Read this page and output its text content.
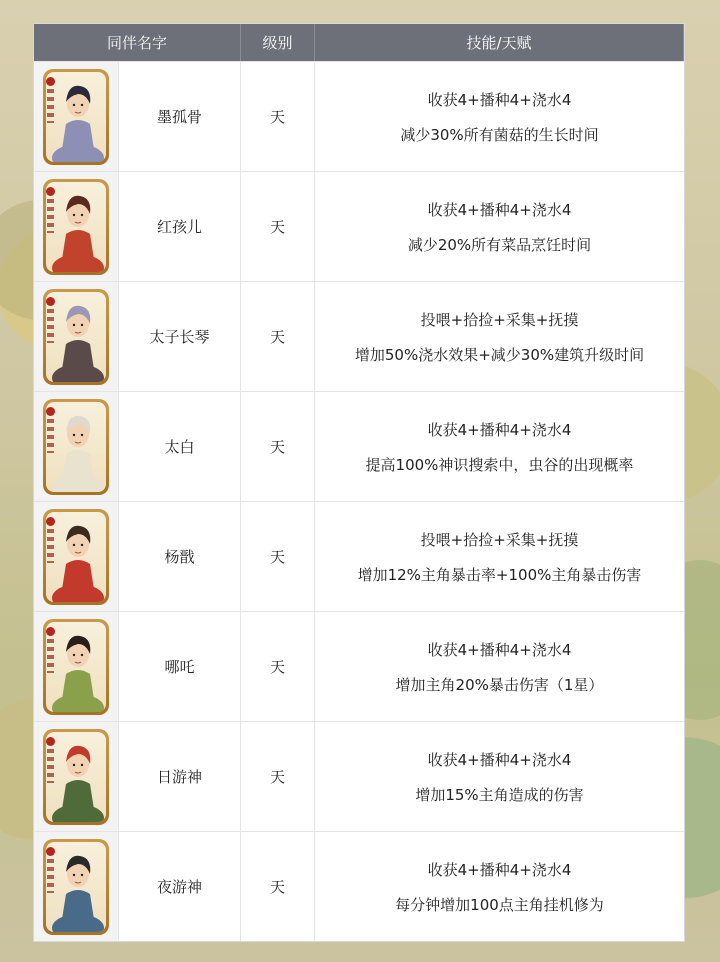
同伴名字	级别	技能/天赋
墨孤骨	天
收获4+播种4+浇水4
减少30%所有菌菇的生长时间
红孩儿	天
收获4+播种4+浇水4
减少20%所有菜品烹饪时间
太子长琴	天
投喂+拾捡+采集+抚摸
增加50%浇水效果+减少30%建筑升级时间
太白	天
收获4+播种4+浇水4
提高100%神识搜索中，虫谷的出现概率
杨戬	天
投喂+拾捡+采集+抚摸
增加12%主角暴击率+100%主角暴击伤害
哪吒	天
收获4+播种4+浇水4
增加主角20%暴击伤害（1星）
日游神	天
收获4+播种4+浇水4
增加15%主角造成的伤害
夜游神	天
收获4+播种4+浇水4
每分钟增加100点主角挂机修为
